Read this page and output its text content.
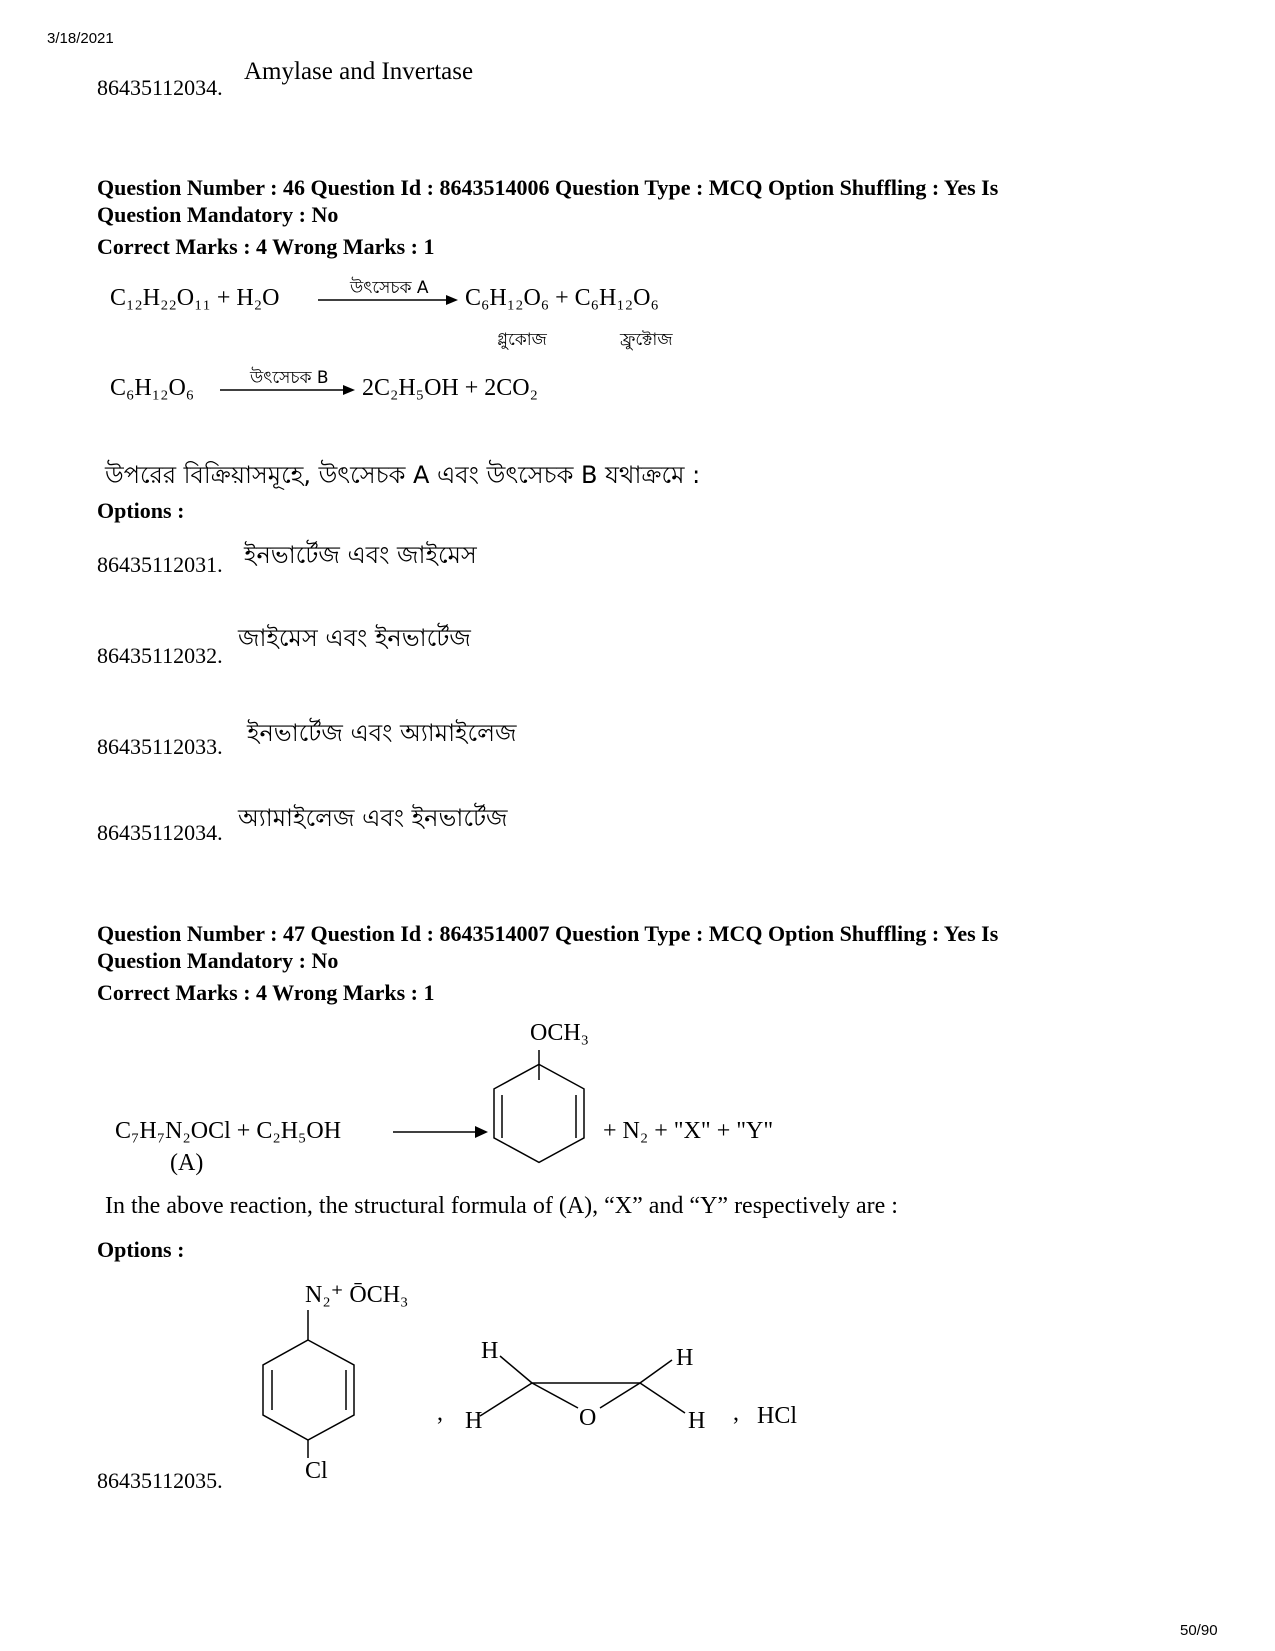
3/18/2021
50/90
86435112034.
Amylase and Invertase
Question Number : 46 Question Id : 8643514006 Question Type : MCQ Option Shuffling : Yes Is
Question Mandatory : No
Correct Marks : 4 Wrong Marks : 1
C₁₂H₂₂O₁₁ + H₂O	উৎসেচক A C₆H₁₂O₆ + C₆H₁₂O₆
গ্লুকোজ	ফ্রুক্টোজ
C₆H₁₂O₆	উৎসেচক B 2C₂H₅OH + 2CO₂
উপরের বিক্রিয়াসমূহে, উৎসেচক A এবং উৎসেচক B যথাক্রমে :
Options :
86435112031. ইনভার্টেজ এবং জাইমেস
86435112032.
জাইমেস এবং ইনভার্টেজ
86435112033. ইনভার্টেজ এবং অ্যামাইলেজ
86435112034.
অ্যামাইলেজ এবং ইনভার্টেজ
Question Number : 47 Question Id : 8643514007 Question Type : MCQ Option Shuffling : Yes Is
Question Mandatory : No
Correct Marks : 4 Wrong Marks : 1
C₇H₇N₂OCl + C₂H₅OH
(A)
OCH₃
+ N₂ + "X" + "Y"
In the above reaction, the structural formula of (A), “X” and “Y” respectively are :
Options :
86435112035.
N₂⁺ ŌCH₃
Cl
,
H	H
H	O	H , HCl
